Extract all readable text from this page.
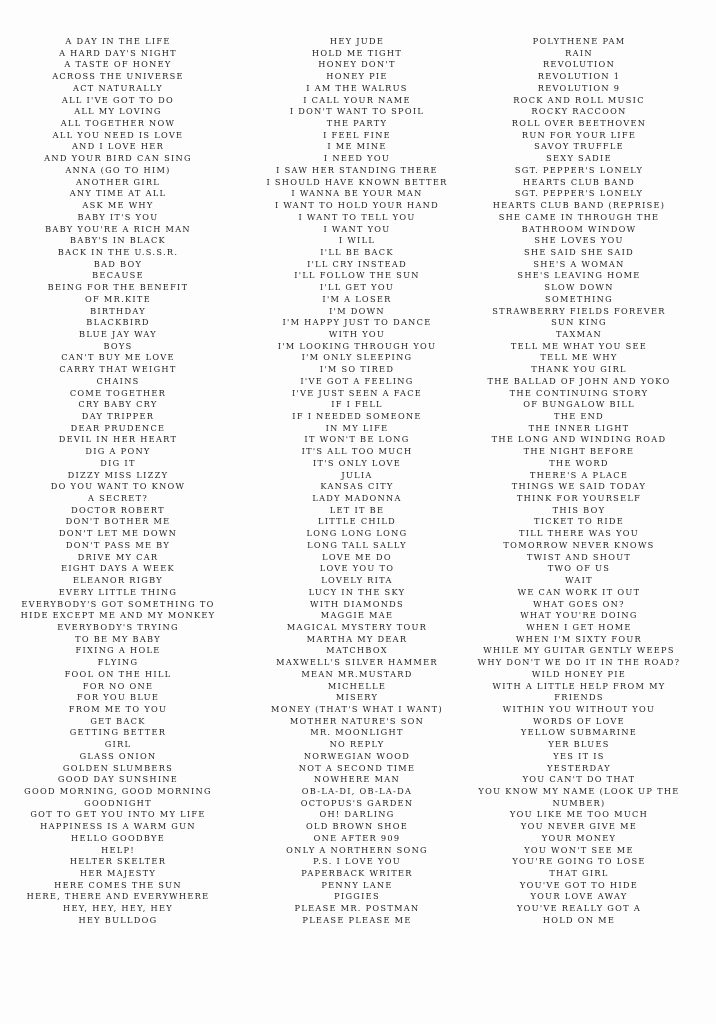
A DAY IN THE LIFE
A HARD DAY'S NIGHT
A TASTE OF HONEY
ACROSS THE UNIVERSE
ACT NATURALLY
ALL I'VE GOT TO DO
ALL MY LOVING
ALL TOGETHER NOW
ALL YOU NEED IS LOVE
AND I LOVE HER
AND YOUR BIRD CAN SING
ANNA (GO TO HIM)
ANOTHER GIRL
ANY TIME AT ALL
ASK ME WHY
BABY IT'S YOU
BABY YOU'RE A RICH MAN
BABY'S IN BLACK
BACK IN THE U.S.S.R.
BAD BOY
BECAUSE
BEING FOR THE BENEFIT
OF MR.KITE
BIRTHDAY
BLACKBIRD
BLUE JAY WAY
BOYS
CAN'T BUY ME LOVE
CARRY THAT WEIGHT
CHAINS
COME TOGETHER
CRY BABY CRY
DAY TRIPPER
DEAR PRUDENCE
DEVIL IN HER HEART
DIG A PONY
DIG IT
DIZZY MISS LIZZY
DO YOU WANT TO KNOW
A SECRET?
DOCTOR ROBERT
DON'T BOTHER ME
DON'T LET ME DOWN
DON'T PASS ME BY
DRIVE MY CAR
EIGHT DAYS A WEEK
ELEANOR RIGBY
EVERY LITTLE THING
EVERYBODY'S GOT SOMETHING TO
HIDE EXCEPT ME AND MY MONKEY
EVERYBODY'S TRYING
TO BE MY BABY
FIXING A HOLE
FLYING
FOOL ON THE HILL
FOR NO ONE
FOR YOU BLUE
FROM ME TO YOU
GET BACK
GETTING BETTER
GIRL
GLASS ONION
GOLDEN SLUMBERS
GOOD DAY SUNSHINE
GOOD MORNING, GOOD MORNING
GOODNIGHT
GOT TO GET YOU INTO MY LIFE
HAPPINESS IS A WARM GUN
HELLO GOODBYE
HELP!
HELTER SKELTER
HER MAJESTY
HERE COMES THE SUN
HERE, THERE AND EVERYWHERE
HEY, HEY, HEY, HEY
HEY BULLDOG
HEY JUDE
HOLD ME TIGHT
HONEY DON'T
HONEY PIE
I AM THE WALRUS
I CALL YOUR NAME
I DON'T WANT TO SPOIL
THE PARTY
I FEEL FINE
I ME MINE
I NEED YOU
I SAW HER STANDING THERE
I SHOULD HAVE KNOWN BETTER
I WANNA BE YOUR MAN
I WANT TO HOLD YOUR HAND
I WANT TO TELL YOU
I WANT YOU
I WILL
I'LL BE BACK
I'LL CRY INSTEAD
I'LL FOLLOW THE SUN
I'LL GET YOU
I'M A LOSER
I'M DOWN
I'M HAPPY JUST TO DANCE
WITH YOU
I'M LOOKING THROUGH YOU
I'M ONLY SLEEPING
I'M SO TIRED
I'VE GOT A FEELING
I'VE JUST SEEN A FACE
IF I FELL
IF I NEEDED SOMEONE
IN MY LIFE
IT WON'T BE LONG
IT'S ALL TOO MUCH
IT'S ONLY LOVE
JULIA
KANSAS CITY
LADY MADONNA
LET IT BE
LITTLE CHILD
LONG LONG LONG
LONG TALL SALLY
LOVE ME DO
LOVE YOU TO
LOVELY RITA
LUCY IN THE SKY
WITH DIAMONDS
MAGGIE MAE
MAGICAL MYSTERY TOUR
MARTHA MY DEAR
MATCHBOX
MAXWELL'S SILVER HAMMER
MEAN MR.MUSTARD
MICHELLE
MISERY
MONEY (THAT'S WHAT I WANT)
MOTHER NATURE'S SON
MR. MOONLIGHT
NO REPLY
NORWEGIAN WOOD
NOT A SECOND TIME
NOWHERE MAN
OB-LA-DI, OB-LA-DA
OCTOPUS'S GARDEN
OH! DARLING
OLD BROWN SHOE
ONE AFTER 909
ONLY A NORTHERN SONG
P.S. I LOVE YOU
PAPERBACK WRITER
PENNY LANE
PIGGIES
PLEASE MR. POSTMAN
PLEASE PLEASE ME
POLYTHENE PAM
RAIN
REVOLUTION
REVOLUTION 1
REVOLUTION 9
ROCK AND ROLL MUSIC
ROCKY RACCOON
ROLL OVER BEETHOVEN
RUN FOR YOUR LIFE
SAVOY TRUFFLE
SEXY SADIE
SGT. PEPPER'S LONELY
HEARTS CLUB BAND
SGT. PEPPER'S LONELY
HEARTS CLUB BAND (REPRISE)
SHE CAME IN THROUGH THE
BATHROOM WINDOW
SHE LOVES YOU
SHE SAID SHE SAID
SHE'S A WOMAN
SHE'S LEAVING HOME
SLOW DOWN
SOMETHING
STRAWBERRY FIELDS FOREVER
SUN KING
TAXMAN
TELL ME WHAT YOU SEE
TELL ME WHY
THANK YOU GIRL
THE BALLAD OF JOHN AND YOKO
THE CONTINUING STORY
OF BUNGALOW BILL
THE END
THE INNER LIGHT
THE LONG AND WINDING ROAD
THE NIGHT BEFORE
THE WORD
THERE'S A PLACE
THINGS WE SAID TODAY
THINK FOR YOURSELF
THIS BOY
TICKET TO RIDE
TILL THERE WAS YOU
TOMORROW NEVER KNOWS
TWIST AND SHOUT
TWO OF US
WAIT
WE CAN WORK IT OUT
WHAT GOES ON?
WHAT YOU'RE DOING
WHEN I GET HOME
WHEN I'M SIXTY FOUR
WHILE MY GUITAR GENTLY WEEPS
WHY DON'T WE DO IT IN THE ROAD?
WILD HONEY PIE
WITH A LITTLE HELP FROM MY
FRIENDS
WITHIN YOU WITHOUT YOU
WORDS OF LOVE
YELLOW SUBMARINE
YER BLUES
YES IT IS
YESTERDAY
YOU CAN'T DO THAT
YOU KNOW MY NAME (LOOK UP THE
NUMBER)
YOU LIKE ME TOO MUCH
YOU NEVER GIVE ME
YOUR MONEY
YOU WON'T SEE ME
YOU'RE GOING TO LOSE
THAT GIRL
YOU'VE GOT TO HIDE
YOUR LOVE AWAY
YOU'VE REALLY GOT A
HOLD ON ME
